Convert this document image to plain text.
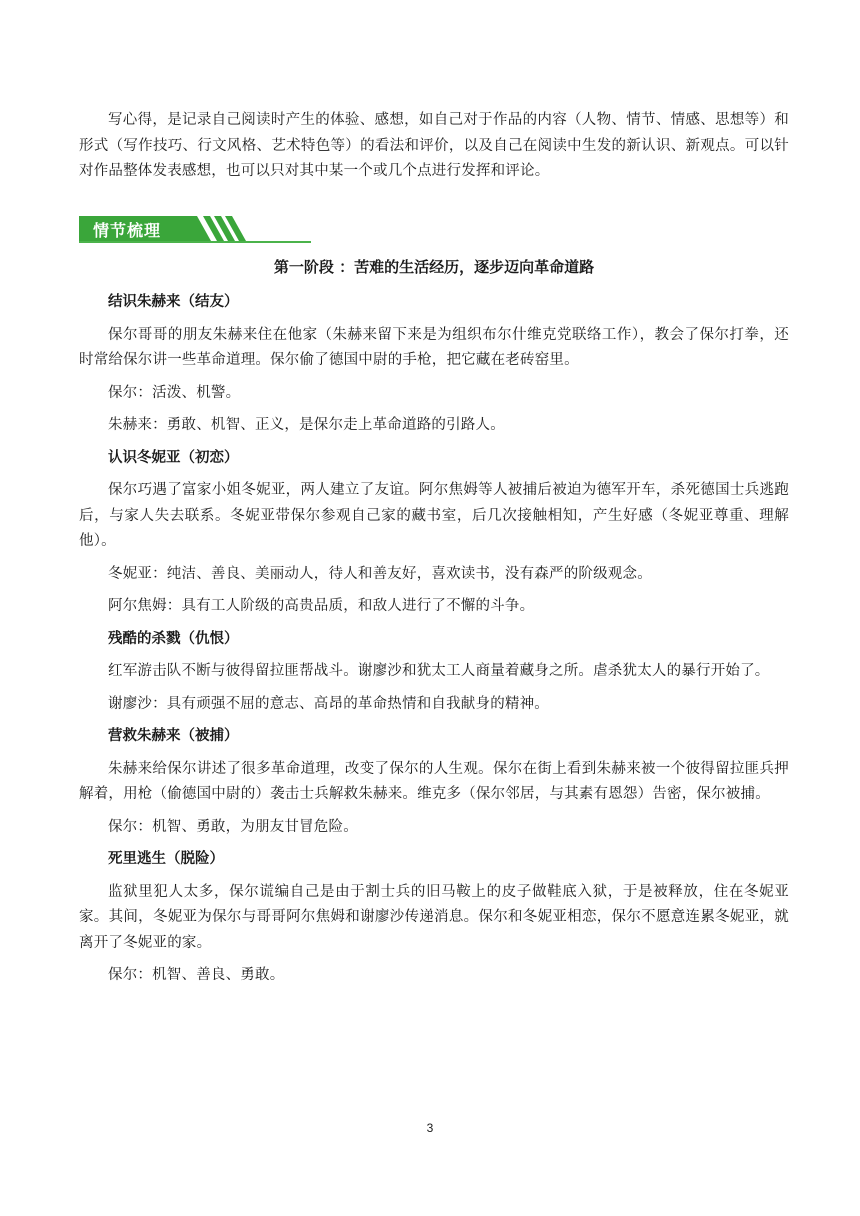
写心得，是记录自己阅读时产生的体验、感想，如自己对于作品的内容（人物、情节、情感、思想等）和形式（写作技巧、行文风格、艺术特色等）的看法和评价，以及自己在阅读中生发的新认识、新观点。可以针对作品整体发表感想，也可以只对其中某一个或几个点进行发挥和评论。

情节梳理
第一阶段 ：苦难的生活经历，逐步迈向革命道路

结识朱赫来（结友）

保尔哥哥的朋友朱赫来住在他家（朱赫来留下来是为组织布尔什维克党联络工作），教会了保尔打拳，还时常给保尔讲一些革命道理。保尔偷了德国中尉的手枪，把它藏在老砖窑里。

保尔：活泼、机警。

朱赫来：勇敢、机智、正义，是保尔走上革命道路的引路人。

认识冬妮亚（初恋）

保尔巧遇了富家小姐冬妮亚，两人建立了友谊。阿尔焦姆等人被捕后被迫为德军开车，杀死德国士兵逃跑后，与家人失去联系。冬妮亚带保尔参观自己家的藏书室，后几次接触相知，产生好感（冬妮亚尊重、理解他）。

冬妮亚：纯洁、善良、美丽动人，待人和善友好，喜欢读书，没有森严的阶级观念。

阿尔焦姆：具有工人阶级的高贵品质，和敌人进行了不懈的斗争。

残酷的杀戮（仇恨）

红军游击队不断与彼得留拉匪帮战斗。谢廖沙和犹太工人商量着藏身之所。虐杀犹太人的暴行开始了。

谢廖沙：具有顽强不屈的意志、高昂的革命热情和自我献身的精神。

营救朱赫来（被捕）

朱赫来给保尔讲述了很多革命道理，改变了保尔的人生观。保尔在街上看到朱赫来被一个彼得留拉匪兵押解着，用枪（偷德国中尉的）袭击士兵解救朱赫来。维克多（保尔邻居，与其素有恩怨）告密，保尔被捕。

保尔：机智、勇敢，为朋友甘冒危险。

死里逃生（脱险）

监狱里犯人太多，保尔谎编自己是由于割士兵的旧马鞍上的皮子做鞋底入狱，于是被释放，住在冬妮亚家。其间，冬妮亚为保尔与哥哥阿尔焦姆和谢廖沙传递消息。保尔和冬妮亚相恋，保尔不愿意连累冬妮亚，就离开了冬妮亚的家。

保尔：机智、善良、勇敢。

3
